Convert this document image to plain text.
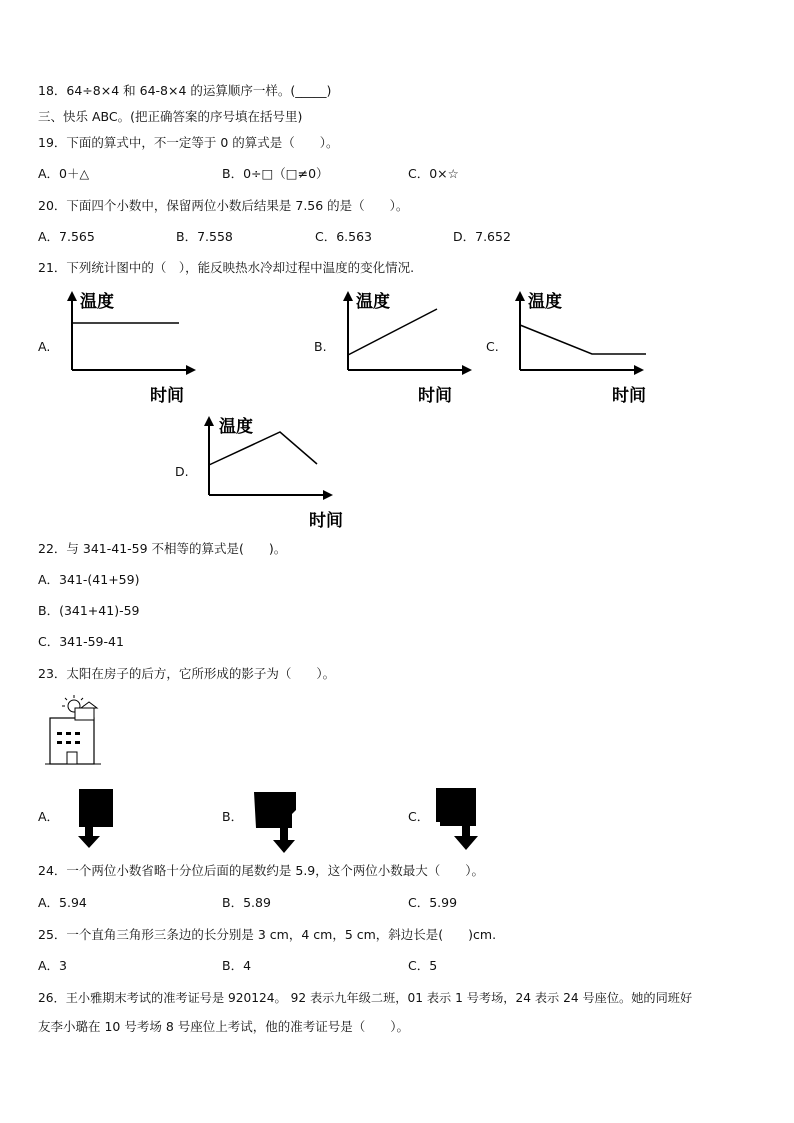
18．64÷8×4 和 64-8×4 的运算顺序一样。(_____)
三、快乐 ABC。(把正确答案的序号填在括号里)
19．下面的算式中，不一定等于 0 的算式是（　　）。
A．0＋△	B．0÷□（□≠0）	C．0×☆
20．下面四个小数中，保留两位小数后结果是 7.56 的是（　　）。
A．7.565	B．7.558	C．6.563	D．7.652
21．下列统计图中的（　），能反映热水冷却过程中温度的变化情况.
A.
温度
时间
B.
温度
时间
C.
温度
时间
D.
温度
时间
22．与 341-41-59 不相等的算式是(　　)。
A．341-(41+59)
B．(341+41)-59
C．341-59-41
23．太阳在房子的后方，它所形成的影子为（　　）。
A．	B．	C．
24．一个两位小数省略十分位后面的尾数约是 5.9，这个两位小数最大（　　）。
A．5.94	B．5.89	C．5.99
25．一个直角三角形三条边的长分别是 3 cm，4 cm，5 cm，斜边长是(　　)cm.
A．3	B．4	C．5
26．王小雅期末考试的准考证号是 920124。 92 表示九年级二班，01 表示 1 号考场，24 表示 24 号座位。她的同班好
友李小璐在 10 号考场 8 号座位上考试，他的准考证号是（　　）。
